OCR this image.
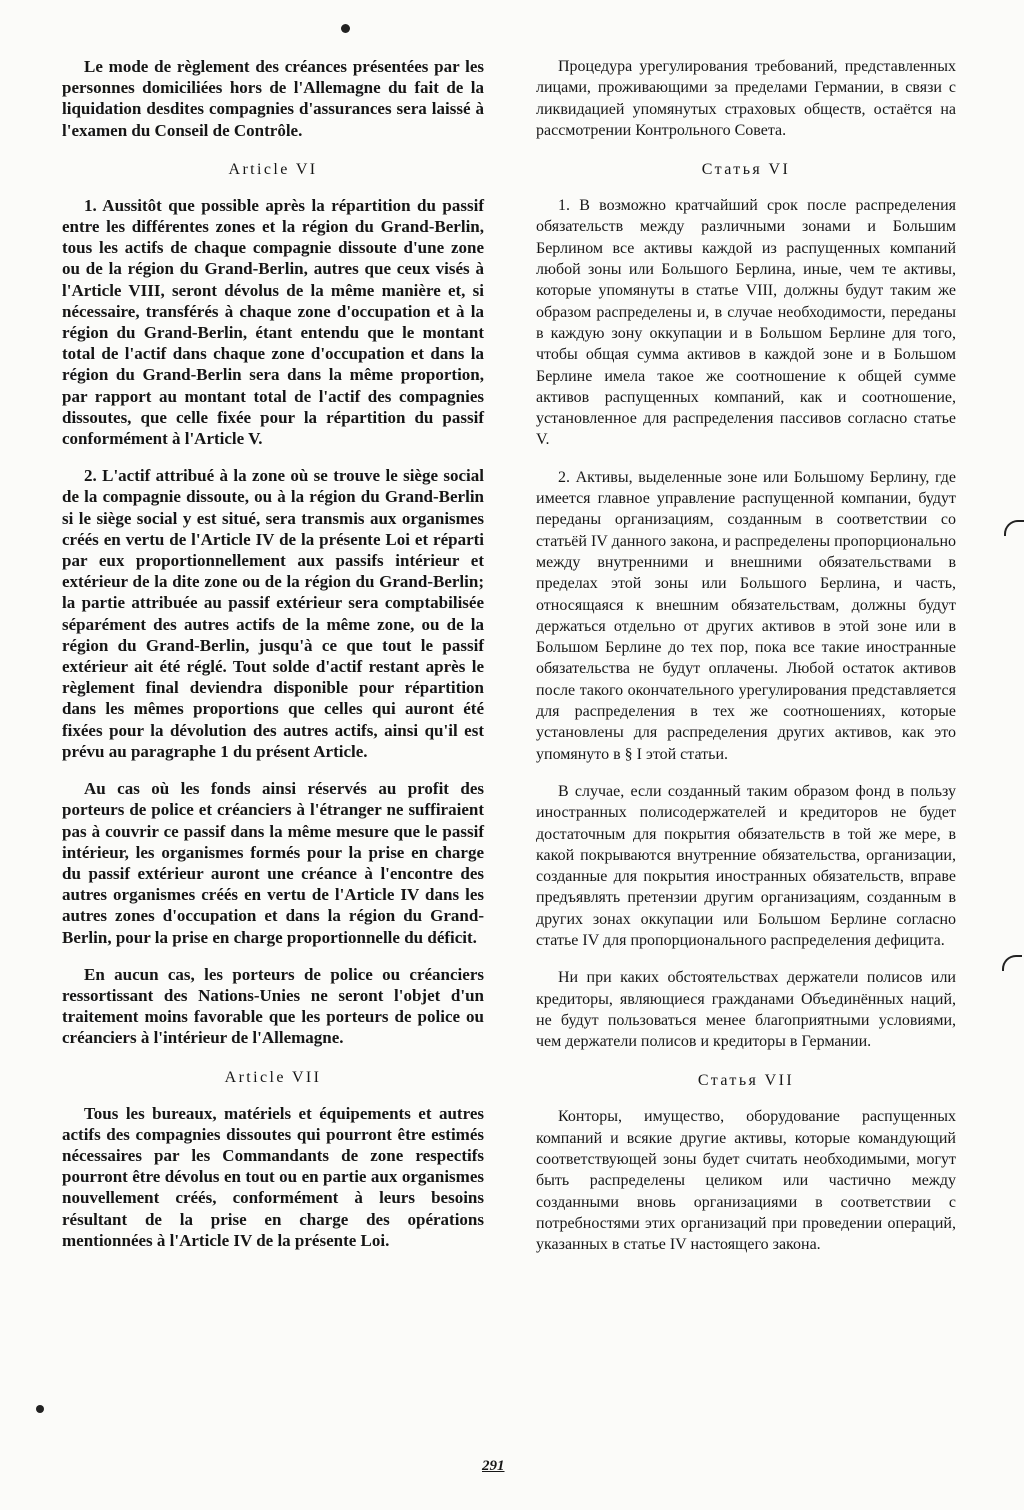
Le mode de règlement des créances présentées par les personnes domiciliées hors de l'Allemagne du fait de la liquidation desdites compagnies d'assurances sera laissé à l'examen du Conseil de Contrôle.

Article VI

1. Aussitôt que possible après la répartition du passif entre les différentes zones et la région du Grand-Berlin, tous les actifs de chaque compagnie dissoute d'une zone ou de la région du Grand-Berlin, autres que ceux visés à l'Article VIII, seront dévolus de la même manière et, si nécessaire, transférés à chaque zone d'occupation et à la région du Grand-Berlin, étant entendu que le montant total de l'actif dans chaque zone d'occupation et dans la région du Grand-Berlin sera dans la même proportion, par rapport au montant total de l'actif des compagnies dissoutes, que celle fixée pour la répartition du passif conformément à l'Article V.

2. L'actif attribué à la zone où se trouve le siège social de la compagnie dissoute, ou à la région du Grand-Berlin si le siège social y est situé, sera transmis aux organismes créés en vertu de l'Article IV de la présente Loi et réparti par eux proportionnellement aux passifs intérieur et extérieur de la dite zone ou de la région du Grand-Berlin; la partie attribuée au passif extérieur sera comptabilisée séparément des autres actifs de la même zone, ou de la région du Grand-Berlin, jusqu'à ce que tout le passif extérieur ait été réglé. Tout solde d'actif restant après le règlement final deviendra disponible pour répartition dans les mêmes proportions que celles qui auront été fixées pour la dévolution des autres actifs, ainsi qu'il est prévu au paragraphe 1 du présent Article.

Au cas où les fonds ainsi réservés au profit des porteurs de police et créanciers à l'étranger ne suffiraient pas à couvrir ce passif dans la même mesure que le passif intérieur, les organismes formés pour la prise en charge du passif extérieur auront une créance à l'encontre des autres organismes créés en vertu de l'Article IV dans les autres zones d'occupation et dans la région du Grand-Berlin, pour la prise en charge proportionnelle du déficit.

En aucun cas, les porteurs de police ou créanciers ressortissant des Nations-Unies ne seront l'objet d'un traitement moins favorable que les porteurs de police ou créanciers à l'intérieur de l'Allemagne.

Article VII

Tous les bureaux, matériels et équipements et autres actifs des compagnies dissoutes qui pourront être estimés nécessaires par les Commandants de zone respectifs pourront être dévolus en tout ou en partie aux organismes nouvellement créés, conformément à leurs besoins résultant de la prise en charge des opérations mentionnées à l'Article IV de la présente Loi.

Процедура урегулирования требований, представленных лицами, проживающими за пределами Германии, в связи с ликвидацией упомянутых страховых обществ, остаётся на рассмотрении Контрольного Совета.

Статья VI

1. В возможно кратчайший срок после распределения обязательств между различными зонами и Большим Берлином все активы каждой из распущенных компаний любой зоны или Большого Берлина, иные, чем те активы, которые упомянуты в статье VIII, должны будут таким же образом распределены и, в случае необходимости, переданы в каждую зону оккупации и в Большом Берлине для того, чтобы общая сумма активов в каждой зоне и в Большом Берлине имела такое же соотношение к общей сумме активов распущенных компаний, как и соотношение, установленное для распределения пассивов согласно статье V.

2. Активы, выделенные зоне или Большому Берлину, где имеется главное управление распущенной компании, будут переданы организациям, созданным в соответствии со статьёй IV данного закона, и распределены пропорционально между внутренними и внешними обязательствами в пределах этой зоны или Большого Берлина, и часть, относящаяся к внешним обязательствам, должны будут держаться отдельно от других активов в этой зоне или в Большом Берлине до тех пор, пока все такие иностранные обязательства не будут оплачены. Любой остаток активов после такого окончательного урегулирования представляется для распределения в тех же соотношениях, которые установлены для распределения других активов, как это упомянуто в § I этой статьи.

В случае, если созданный таким образом фонд в пользу иностранных полисодержателей и кредиторов не будет достаточным для покрытия обязательств в той же мере, в какой покрываются внутренние обязательства, организации, созданные для покрытия иностранных обязательств, вправе предъявлять претензии другим организациям, созданным в других зонах оккупации или Большом Берлине согласно статье IV для пропорционального распределения дефицита.

Ни при каких обстоятельствах держатели полисов или кредиторы, являющиеся гражданами Объединённых наций, не будут пользоваться менее благоприятными условиями, чем держатели полисов и кредиторы в Германии.

Статья VII

Конторы, имущество, оборудование распущенных компаний и всякие другие активы, которые командующий соответствующей зоны будет считать необходимыми, могут быть распределены целиком или частично между созданными вновь организациями в соответствии с потребностями этих организаций при проведении операций, указанных в статье IV настоящего закона.

291
